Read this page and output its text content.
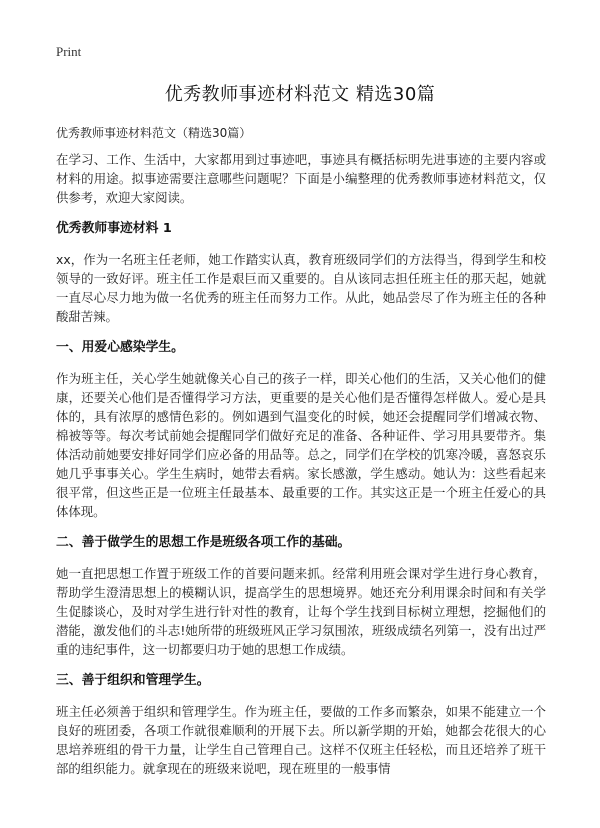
Print
优秀教师事迹材料范文 精选30篇
优秀教师事迹材料范文（精选30篇）

在学习、工作、生活中，大家都用到过事迹吧，事迹具有概括标明先进事迹的主要内容或材料的用途。拟事迹需要注意哪些问题呢？下面是小编整理的优秀教师事迹材料范文，仅供参考，欢迎大家阅读。

优秀教师事迹材料 1

xx，作为一名班主任老师，她工作踏实认真，教育班级同学们的方法得当，得到学生和校领导的一致好评。班主任工作是艰巨而又重要的。自从该同志担任班主任的那天起，她就一直尽心尽力地为做一名优秀的班主任而努力工作。从此，她品尝尽了作为班主任的各种酸甜苦辣。

一、用爱心感染学生。

作为班主任，关心学生她就像关心自己的孩子一样，即关心他们的生活，又关心他们的健康，还要关心他们是否懂得学习方法，更重要的是关心他们是否懂得怎样做人。爱心是具体的，具有浓厚的感情色彩的。例如遇到气温变化的时候，她还会提醒同学们增减衣物、棉被等等。每次考试前她会提醒同学们做好充足的准备、各种证件、学习用具要带齐。集体活动前她要安排好同学们应必备的用品等。总之，同学们在学校的饥寒冷暖，喜怒哀乐她几乎事事关心。学生生病时，她带去看病。家长感激，学生感动。她认为：这些看起来很平常，但这些正是一位班主任最基本、最重要的工作。其实这正是一个班主任爱心的具体体现。

二、善于做学生的思想工作是班级各项工作的基础。

她一直把思想工作置于班级工作的首要问题来抓。经常利用班会课对学生进行身心教育，帮助学生澄清思想上的模糊认识，提高学生的思想境界。她还充分利用课余时间和有关学生促膝谈心，及时对学生进行针对性的教育，让每个学生找到目标树立理想，挖掘他们的潜能，激发他们的斗志!她所带的班级班风正学习氛围浓，班级成绩名列第一，没有出过严重的违纪事件，这一切都要归功于她的思想工作成绩。

三、善于组织和管理学生。

班主任必须善于组织和管理学生。作为班主任，要做的工作多而繁杂，如果不能建立一个良好的班团委，各项工作就很难顺利的开展下去。所以新学期的开始，她都会花很大的心思培养班组的骨干力量，让学生自己管理自己。这样不仅班主任轻松，而且还培养了班干部的组织能力。就拿现在的班级来说吧，现在班里的一般事情
